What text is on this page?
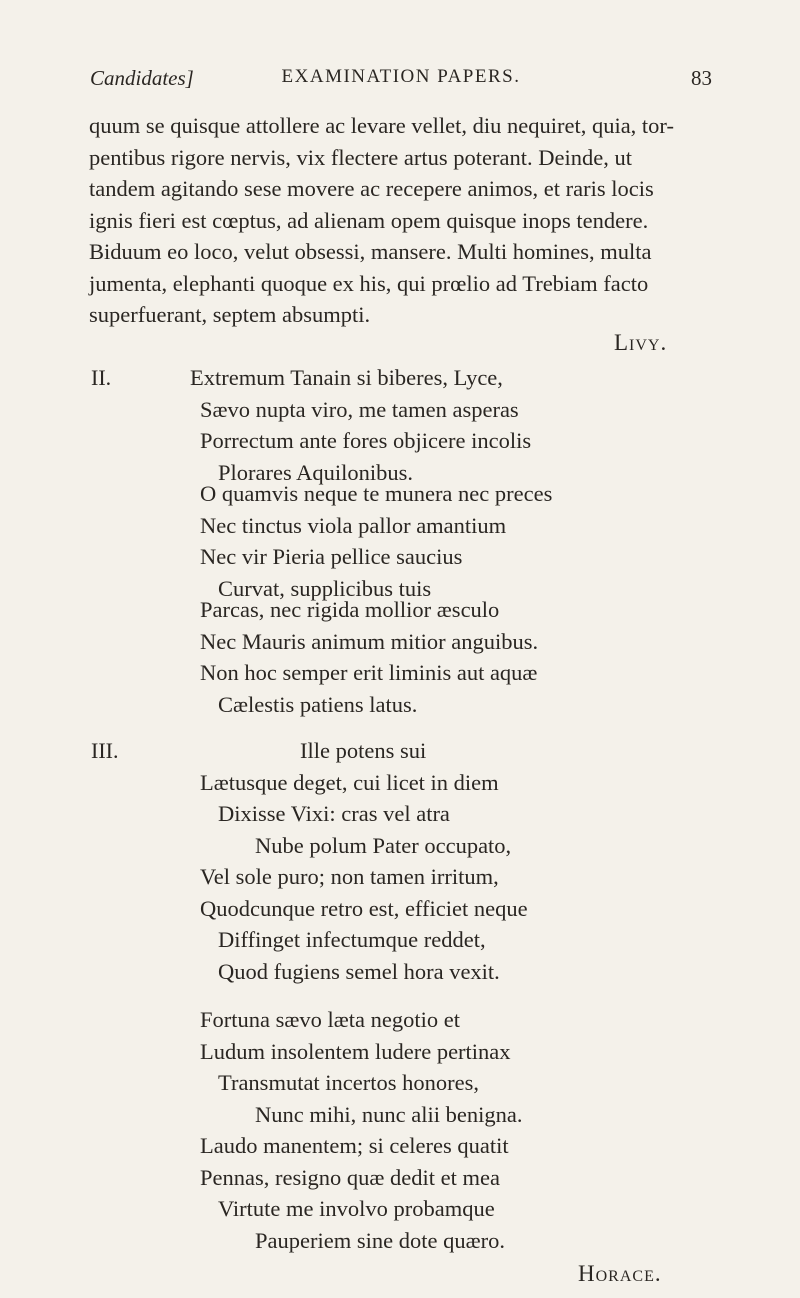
Candidates]	EXAMINATION PAPERS.	83

quum se quisque attollere ac levare vellet, diu nequiret, quia, tor-

pentibus rigore nervis, vix flectere artus poterant. Deinde, ut

tandem agitando sese movere ac recepere animos, et raris locis

ignis fieri est cœptus, ad alienam opem quisque inops tendere.

Biduum eo loco, velut obsessi, mansere. Multi homines, multa

jumenta, elephanti quoque ex his, qui prœlio ad Trebiam facto

superfuerant, septem absumpti.

Livy.
II.	Extremum Tanain si biberes, Lyce,
Sævo nupta viro, me tamen asperas
Porrectum ante fores objicere incolis
Plorares Aquilonibus.
O quamvis neque te munera nec preces
Nec tinctus viola pallor amantium
Nec vir Pieria pellice saucius
Curvat, supplicibus tuis
Parcas, nec rigida mollior æsculo
Nec Mauris animum mitior anguibus.
Non hoc semper erit liminis aut aquæ
Cælestis patiens latus.
III.	Ille potens sui
Lætusque deget, cui licet in diem
Dixisse Vixi: cras vel atra
Nube polum Pater occupato,
Vel sole puro; non tamen irritum,
Quodcunque retro est, efficiet neque
Diffinget infectumque reddet,
Quod fugiens semel hora vexit.
Fortuna sævo læta negotio et
Ludum insolentem ludere pertinax
Transmutat incertos honores,
Nunc mihi, nunc alii benigna.
Laudo manentem; si celeres quatit
Pennas, resigno quæ dedit et mea
Virtute me involvo probamque
Pauperiem sine dote quæro.
Horace.
